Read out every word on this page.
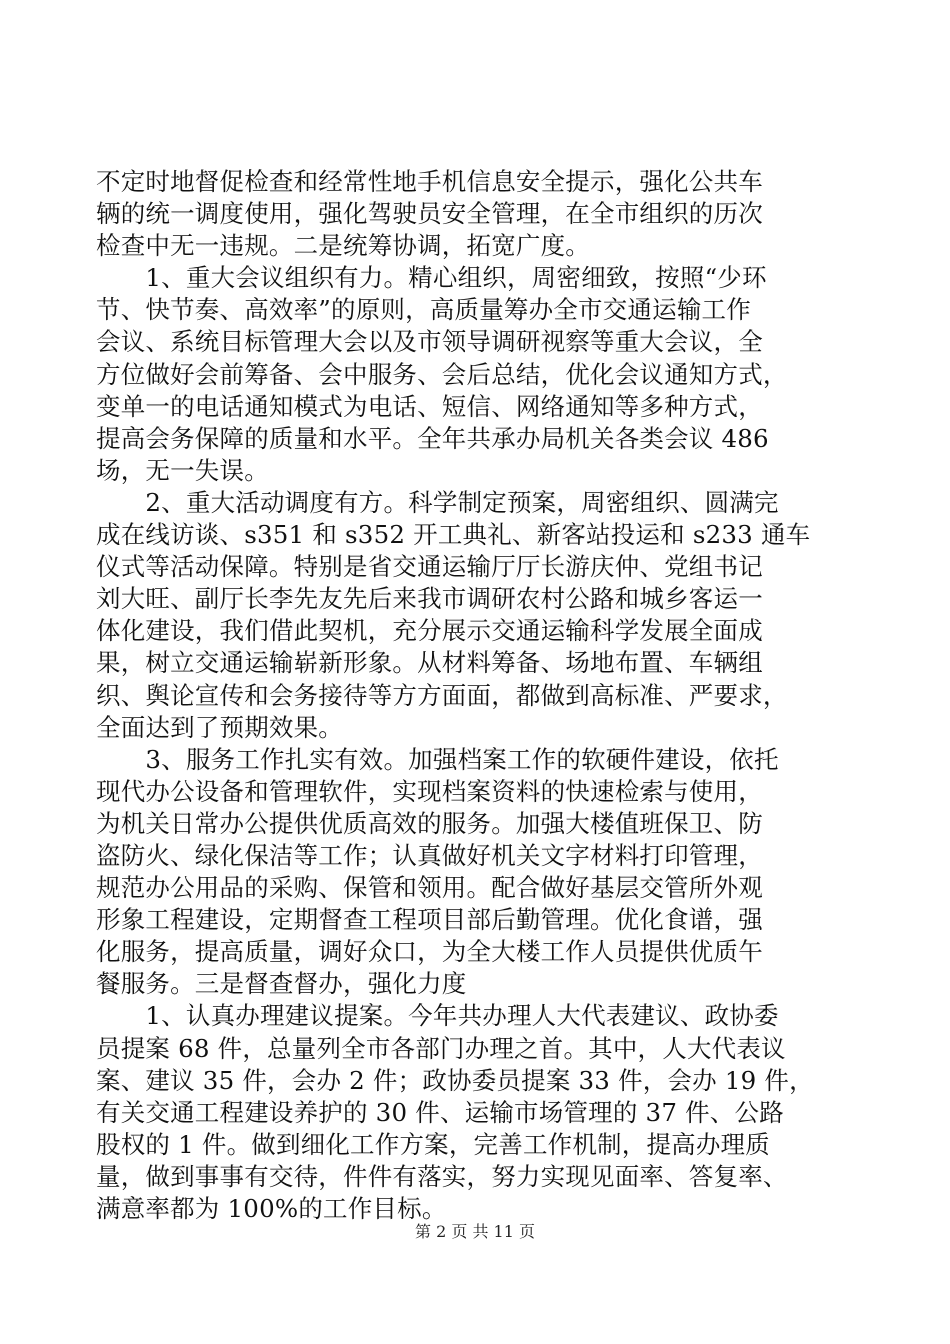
不定时地督促检查和经常性地手机信息安全提示，强化公共车
辆的统一调度使用，强化驾驶员安全管理，在全市组织的历次
检查中无一违规。二是统筹协调，拓宽广度。
　　1、重大会议组织有力。精心组织，周密细致，按照“少环
节、快节奏、高效率”的原则，高质量筹办全市交通运输工作
会议、系统目标管理大会以及市领导调研视察等重大会议，全
方位做好会前筹备、会中服务、会后总结，优化会议通知方式，
变单一的电话通知模式为电话、短信、网络通知等多种方式，
提高会务保障的质量和水平。全年共承办局机关各类会议 486
场，无一失误。
　　2、重大活动调度有方。科学制定预案，周密组织、圆满完
成在线访谈、s351 和 s352 开工典礼、新客站投运和 s233 通车
仪式等活动保障。特别是省交通运输厅厅长游庆仲、党组书记
刘大旺、副厅长李先友先后来我市调研农村公路和城乡客运一
体化建设，我们借此契机，充分展示交通运输科学发展全面成
果，树立交通运输崭新形象。从材料筹备、场地布置、车辆组
织、舆论宣传和会务接待等方方面面，都做到高标准、严要求，
全面达到了预期效果。
　　3、服务工作扎实有效。加强档案工作的软硬件建设，依托
现代办公设备和管理软件，实现档案资料的快速检索与使用，
为机关日常办公提供优质高效的服务。加强大楼值班保卫、防
盗防火、绿化保洁等工作；认真做好机关文字材料打印管理，
规范办公用品的采购、保管和领用。配合做好基层交管所外观
形象工程建设，定期督查工程项目部后勤管理。优化食谱，强
化服务，提高质量，调好众口，为全大楼工作人员提供优质午
餐服务。三是督查督办，强化力度
　　1、认真办理建议提案。今年共办理人大代表建议、政协委
员提案 68 件，总量列全市各部门办理之首。其中，人大代表议
案、建议 35 件，会办 2 件；政协委员提案 33 件，会办 19 件，
有关交通工程建设养护的 30 件、运输市场管理的 37 件、公路
股权的 1 件。做到细化工作方案，完善工作机制，提高办理质
量，做到事事有交待，件件有落实，努力实现见面率、答复率、
满意率都为 100%的工作目标。
第 2 页 共 11 页
